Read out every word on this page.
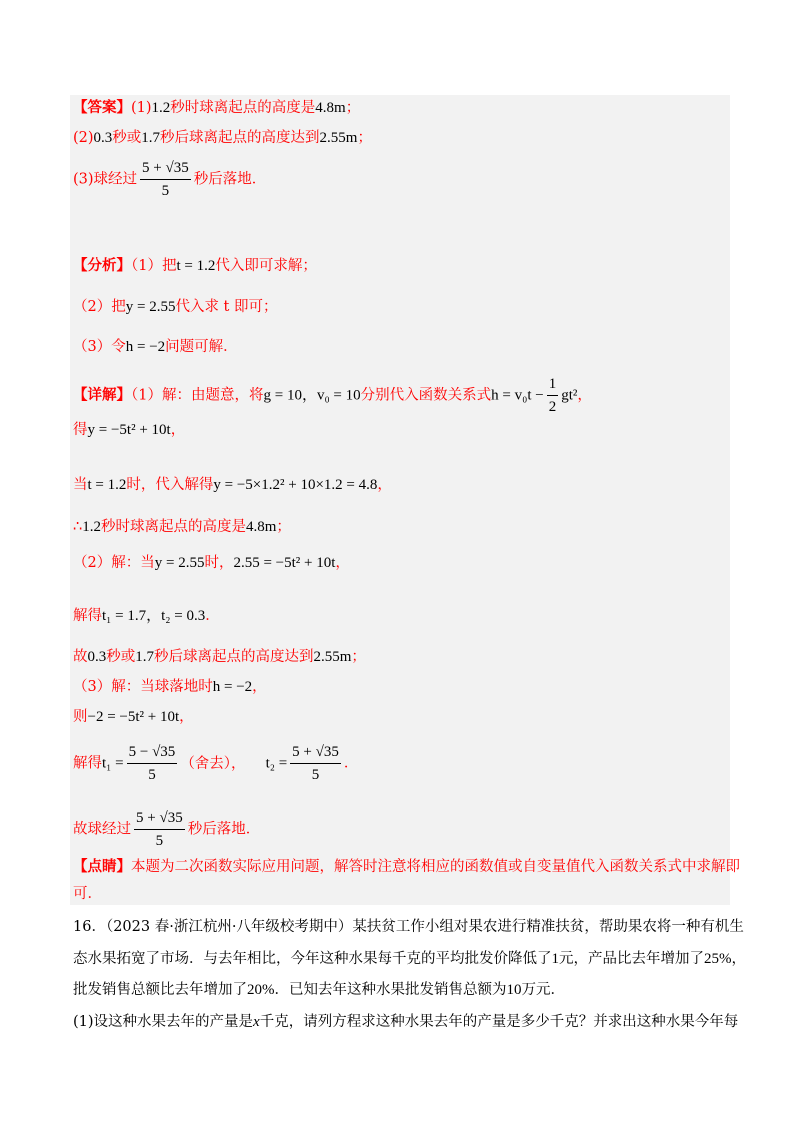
【答案】(1)1.2秒时球离起点的高度是4.8m；
(2)0.3秒或1.7秒后球离起点的高度达到2.55m；
(3)球经过 $\frac{5 + √35}{5}$ 秒后落地．
【分析】（1）把t = 1.2代入即可求解；
（2）把y = 2.55代入求 t 即可；
（3）令h = −2问题可解．
【详解】（1）解：由题意，将g = 10，v₀ = 10分别代入函数关系式$h = v_0t - \frac{1}{2} gt^2$，
得y = −5t² + 10t，
当t = 1.2时，代入解得y = −5×1.2² + 10×1.2 = 4.8，
∴1.2秒时球离起点的高度是4.8m；
（2）解：当y = 2.55时，2.55 = −5t² + 10t，
解得t₁ = 1.7，t₂ = 0.3．
故0.3秒或1.7秒后球离起点的高度达到2.55m；
（3）解：当球落地时h = −2，
则−2 = −5t² + 10t，
解得$t_1 = \frac{5 - √35}{5}$ （舍去）， $t_2 = \frac{5 + √35}{5}$ ．
故球经过 $\frac{5 + √35}{5}$ 秒后落地．
【点睛】本题为二次函数实际应用问题，解答时注意将相应的函数值或自变量值代入函数关系式中求解即
可．
16．（2023 春·浙江杭州·八年级校考期中）某扶贫工作小组对果农进行精准扶贫，帮助果农将一种有机生
态水果拓宽了市场．与去年相比，今年这种水果每千克的平均批发价降低了1元，产品比去年增加了25%，
批发销售总额比去年增加了20%．已知去年这种水果批发销售总额为10万元．
(1)设这种水果去年的产量是x千克，请列方程求这种水果去年的产量是多少千克？并求出这种水果今年每
